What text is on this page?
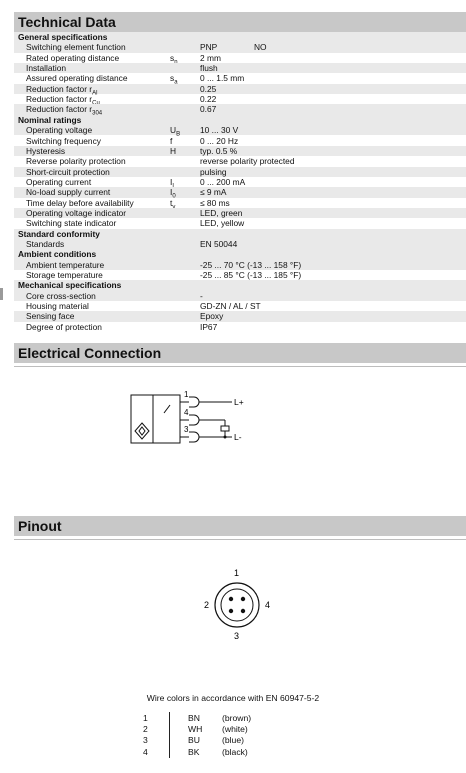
Technical Data
General specifications
Switching element function	PNP	NO
Rated operating distance	s	2 mm
Installation	flush
Assured operating distance	s	0 ... 1.5 mm
Reduction factor $r_{Al}$	0.25
Reduction factor r	0.22
Reduction factor r	0.67
Nominal ratings
Operating voltage	$U_B$ 10 ... 30 V
Switching frequency	f	0 ... 20 Hz
Hysteresis	H	typ. 0.5 %
Reverse polarity protection	reverse polarity protected
Short-circuit protection	pulsing
Operating current	I	0 ... 200 mA
No-load supply current	$I_0$	≤ 9 mA
Time delay before availability	t	≤ 80 ms
Operating voltage indicator	LED, green
Switching state indicator	LED, yellow
Standard conformity
Standards	EN 50044
Ambient conditions
Ambient temperature	-25 ... 70 °C (-13 ... 158 °F)
Storage temperature	-25 ... 85 °C (-13 ... 185 °F)
Mechanical specifications
Core cross-section	-
Housing material	GD-ZN / AL / ST
Sensing face	Epoxy
Degree of protection	IP67
Electrical Connection
1
4
3
L+
L-
Pinout
1
2
3
4
Wire colors in accordance with EN 60947-5-2
1	BN	(brown)
2	WH (white)
3	BU	(blue)
4	BK	(black)
